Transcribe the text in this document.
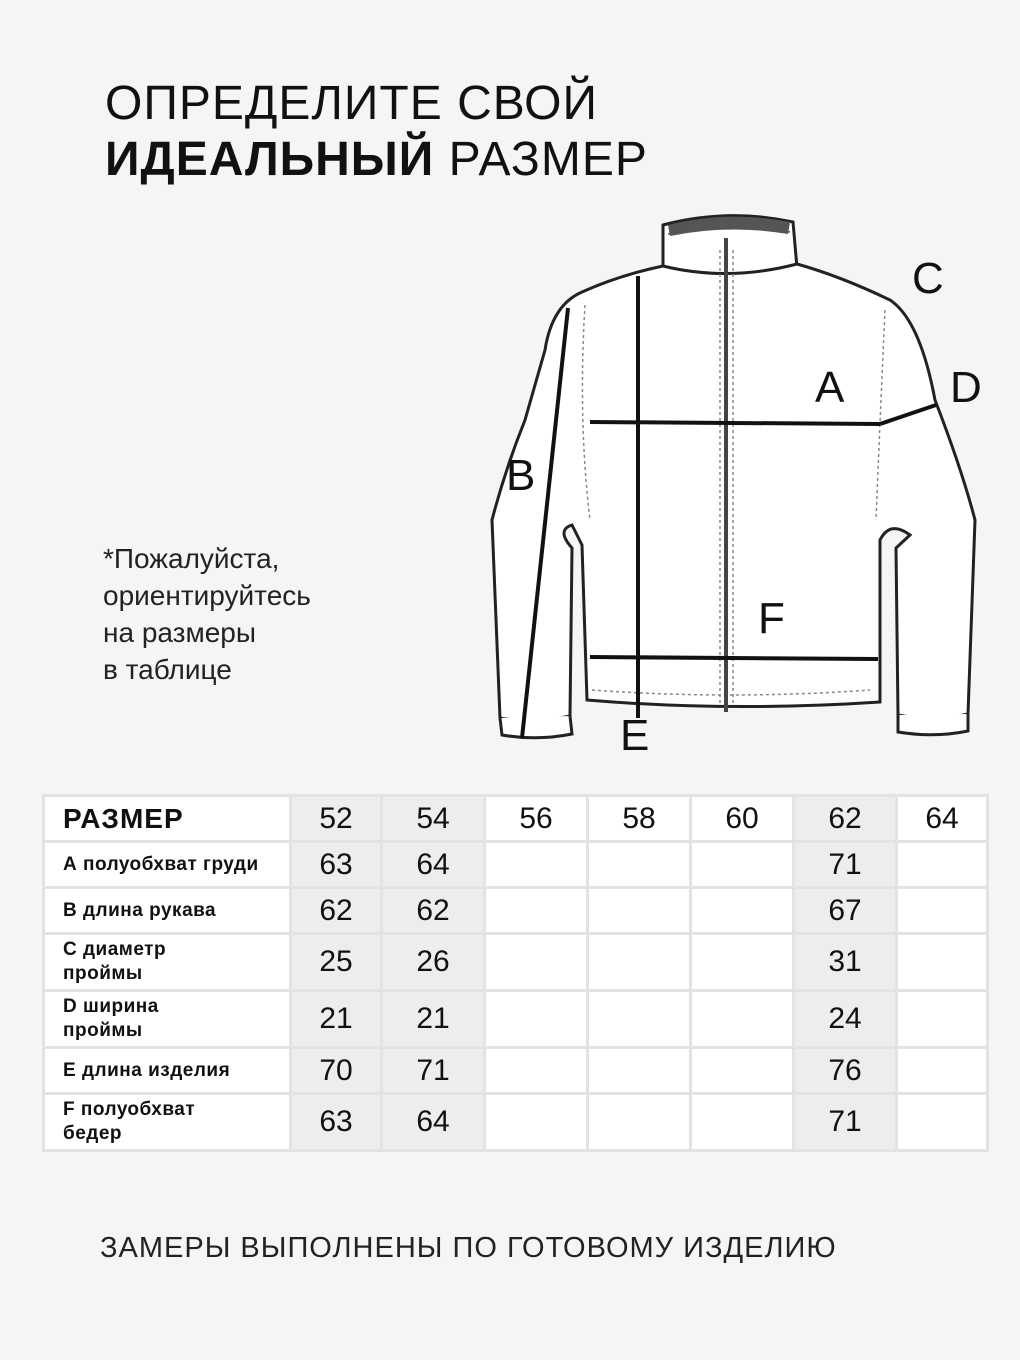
ОПРЕДЕЛИТЕ СВОЙ
ИДЕАЛЬНЫЙ РАЗМЕР
*Пожалуйста,
ориентируйтесь
на размеры
в таблице
A
B
C
D
E
F
РАЗМЕР	52	54	56	58	60	62	64
А полуобхват груди	63	64				71	
В длина рукава	62	62				67	
С диаметр
проймы	25	26				31	
D ширина
проймы	21	21				24	
Е длина изделия	70	71				76	
F полуобхват
бедер	63	64				71	
ЗАМЕРЫ ВЫПОЛНЕНЫ ПО ГОТОВОМУ ИЗДЕЛИЮ
